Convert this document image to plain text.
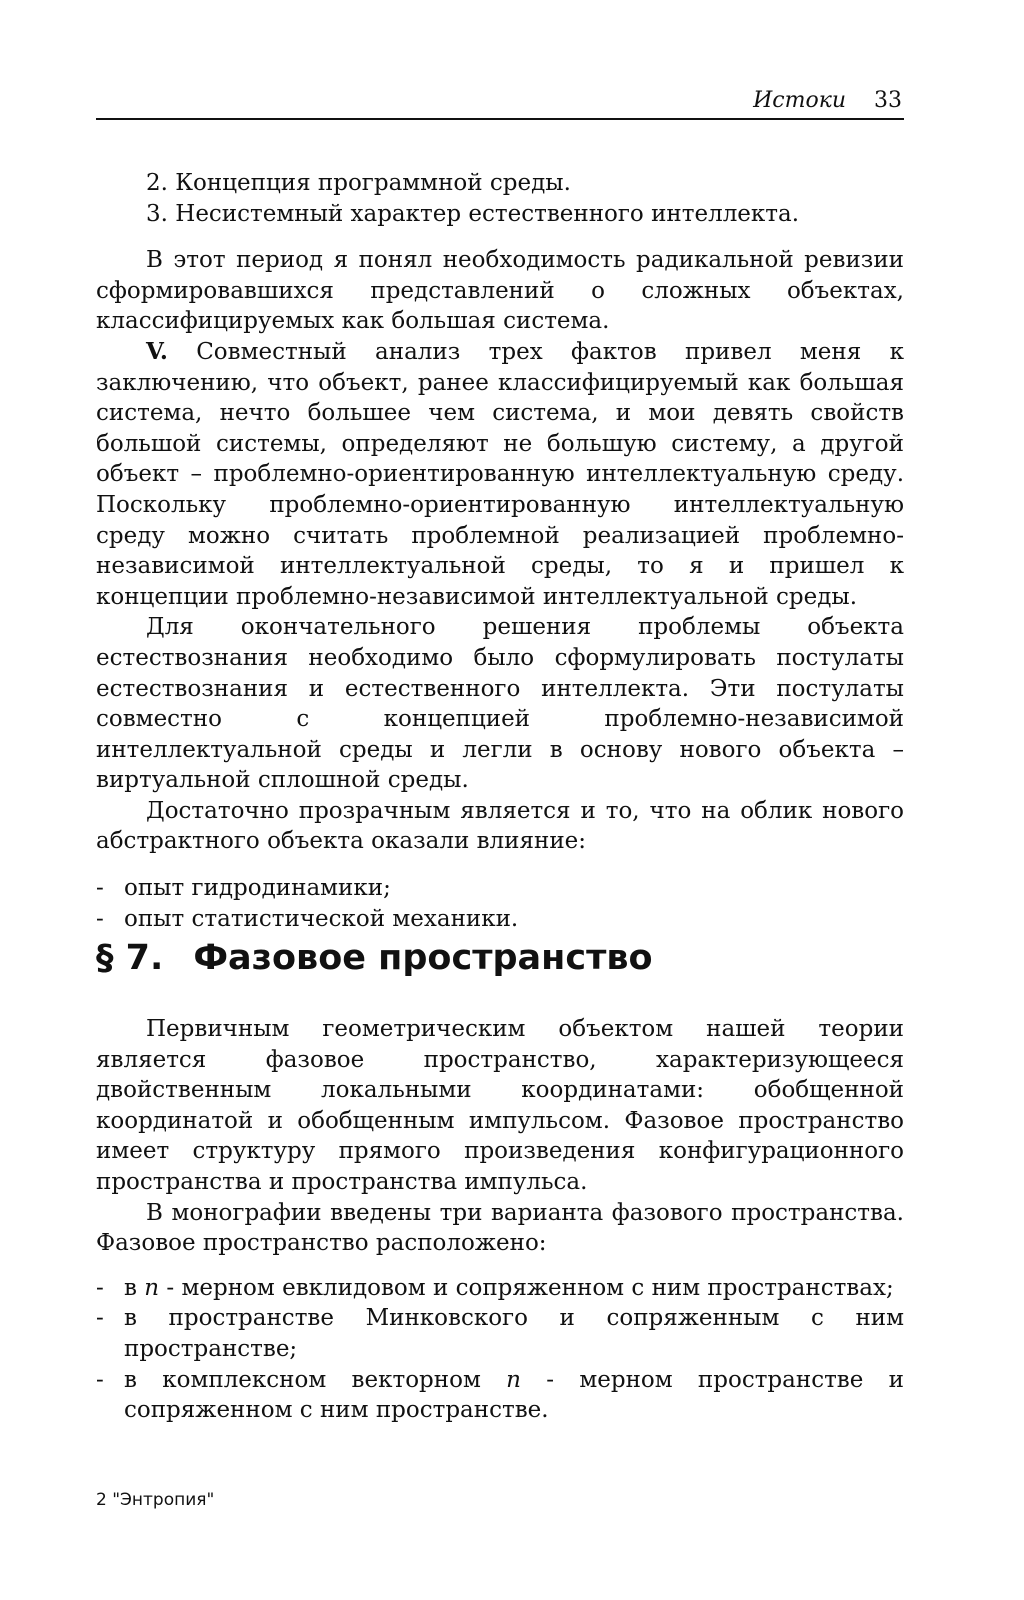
Истоки 33

2. Концепция программной среды.

3. Несистемный характер естественного интеллекта.

В этот период я понял необходимость радикальной ревизии сформировавшихся представлений о сложных объектах, классифицируемых как большая система.

V. Совместный анализ трех фактов привел меня к заключению, что объект, ранее классифицируемый как большая система, нечто большее чем система, и мои девять свойств большой системы, определяют не большую систему, а другой объект – проблемно-ориентированную интеллектуальную среду. Поскольку проблемно-ориентированную интеллектуальную среду можно считать проблемной реализацией проблемно-независимой интеллектуальной среды, то я и пришел к концепции проблемно-независимой интеллектуальной среды.

Для окончательного решения проблемы объекта естествознания необходимо было сформулировать постулаты естествознания и естественного интеллекта. Эти постулаты совместно с концепцией проблемно-независимой интеллектуальной среды и легли в основу нового объекта – виртуальной сплошной среды.

Достаточно прозрачным является и то, что на облик нового абстрактного объекта оказали влияние:

- опыт гидродинамики;
- опыт статистической механики.
§ 7. Фазовое пространство

Первичным геометрическим объектом нашей теории является фазовое пространство, характеризующееся двойственным локальными координатами: обобщенной координатой и обобщенным импульсом. Фазовое пространство имеет структуру прямого произведения конфигурационного пространства и пространства импульса.

В монографии введены три варианта фазового пространства. Фазовое пространство расположено:

- в n - мерном евклидовом и сопряженном с ним пространствах;
- в пространстве Минковского и сопряженным с ним пространстве;
- в комплексном векторном n - мерном пространстве и сопряженном с ним пространстве.
2 "Энтропия"
